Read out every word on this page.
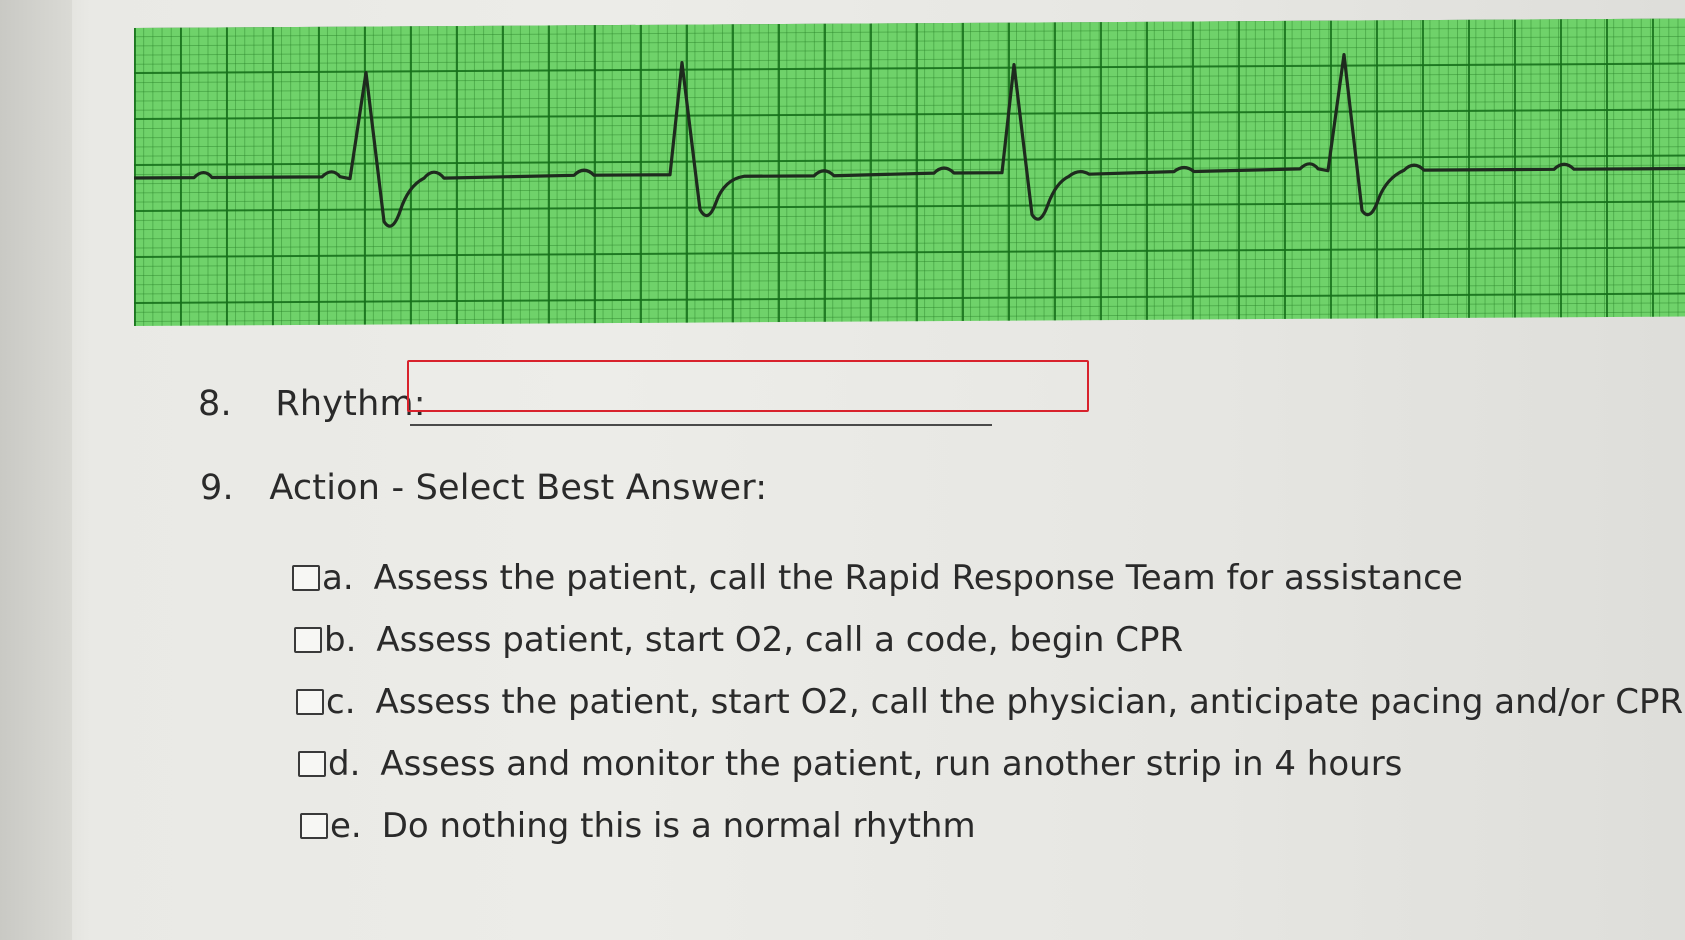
8. Rhythm:
9. Action - Select Best Answer:
a. Assess the patient, call the Rapid Response Team for assistance
b. Assess patient, start O2, call a code, begin CPR
c. Assess the patient, start O2, call the physician, anticipate pacing and/or CPR
d. Assess and monitor the patient, run another strip in 4 hours
e. Do nothing this is a normal rhythm
